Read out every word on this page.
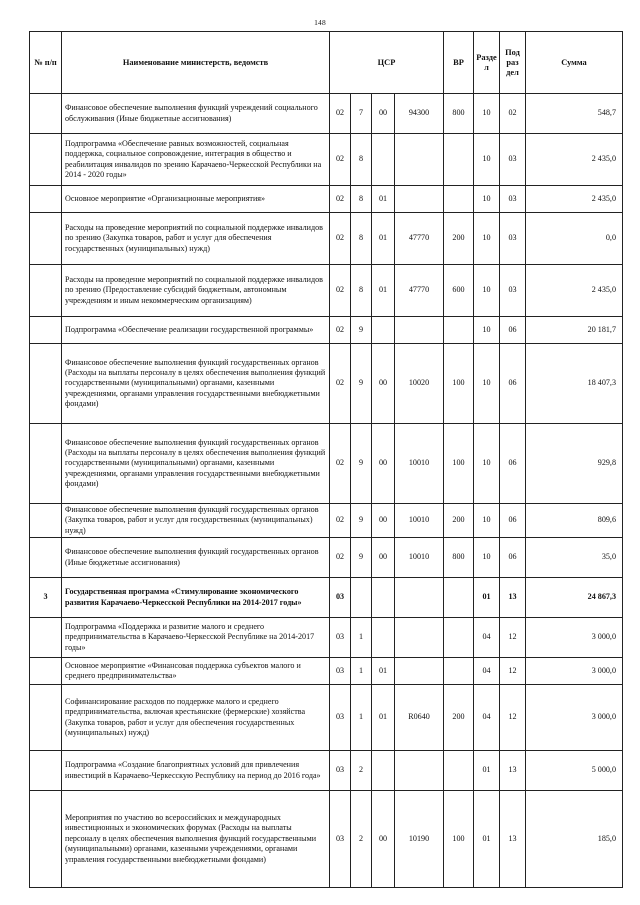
148
№ п/п	Наименование министерств, ведомств	ЦСР				ВР	Разде л	Под раз дел	Сумма
	Финансовое обеспечение выполнения функций учреждений социального обслуживания (Иные бюджетные ассигнования)	02	7	00	94300	800	10	02	548,7
	Подпрограмма «Обеспечение равных возможностей, социальная поддержка, социальное сопровождение, интеграция в общество и реабилитация инвалидов по зрению Карачаево-Черкесской Республики на 2014 - 2020 годы»	02	8				10	03	2 435,0
	Основное мероприятие «Организационные мероприятия»	02	8	01			10	03	2 435,0
	Расходы на проведение мероприятий по социальной поддержке инвалидов по зрению (Закупка товаров, работ и услуг для обеспечения государственных (муниципальных) нужд)	02	8	01	47770	200	10	03	0,0
	Расходы на проведение мероприятий по социальной поддержке инвалидов по зрению (Предоставление субсидий бюджетным, автономным учреждениям и иным некоммерческим организациям)	02	8	01	47770	600	10	03	2 435,0
	Подпрограмма «Обеспечение реализации государственной программы»	02	9				10	06	20 181,7
	Финансовое обеспечение выполнения функций государственных органов (Расходы на выплаты персоналу в целях обеспечения выполнения функций государственными (муниципальными) органами, казенными учреждениями, органами управления государственными внебюджетными фондами)	02	9	00	10020	100	10	06	18 407,3
	Финансовое обеспечение выполнения функций государственных органов (Расходы на выплаты персоналу в целях обеспечения выполнения функций государственными (муниципальными) органами, казенными учреждениями, органами управления государственными внебюджетными фондами)	02	9	00	10010	100	10	06	929,8
	Финансовое обеспечение выполнения функций государственных органов (Закупка товаров, работ и услуг для государственных (муниципальных) нужд)	02	9	00	10010	200	10	06	809,6
	Финансовое обеспечение выполнения функций государственных органов (Иные бюджетные ассигнования)	02	9	00	10010	800	10	06	35,0
3	Государственная программа «Стимулирование экономического развития Карачаево-Черкесской Республики на 2014-2017 годы»	03					01	13	24 867,3
	Подпрограмма «Поддержка и развитие малого и среднего предпринимательства в Карачаево-Черкесской Республике на 2014-2017 годы»	03	1				04	12	3 000,0
	Основное мероприятие «Финансовая поддержка субъектов малого и среднего предпринимательства»	03	1	01			04	12	3 000,0
	Софинансирование расходов по поддержке малого и среднего предпринимательства, включая крестьянские (фермерские) хозяйства (Закупка товаров, работ и услуг для обеспечения государственных (муниципальных) нужд)	03	1	01	R0640	200	04	12	3 000,0
	Подпрограмма «Создание благоприятных условий для привлечения инвестиций в Карачаево-Черкесскую Республику на период до 2016 года»	03	2				01	13	5 000,0
	Мероприятия по участию во всероссийских и международных инвестиционных и экономических форумах (Расходы на выплаты персоналу в целях обеспечения выполнения функций государственными (муниципальными) органами, казенными учреждениями, органами управления государственными внебюджетными фондами)	03	2	00	10190	100	01	13	185,0
